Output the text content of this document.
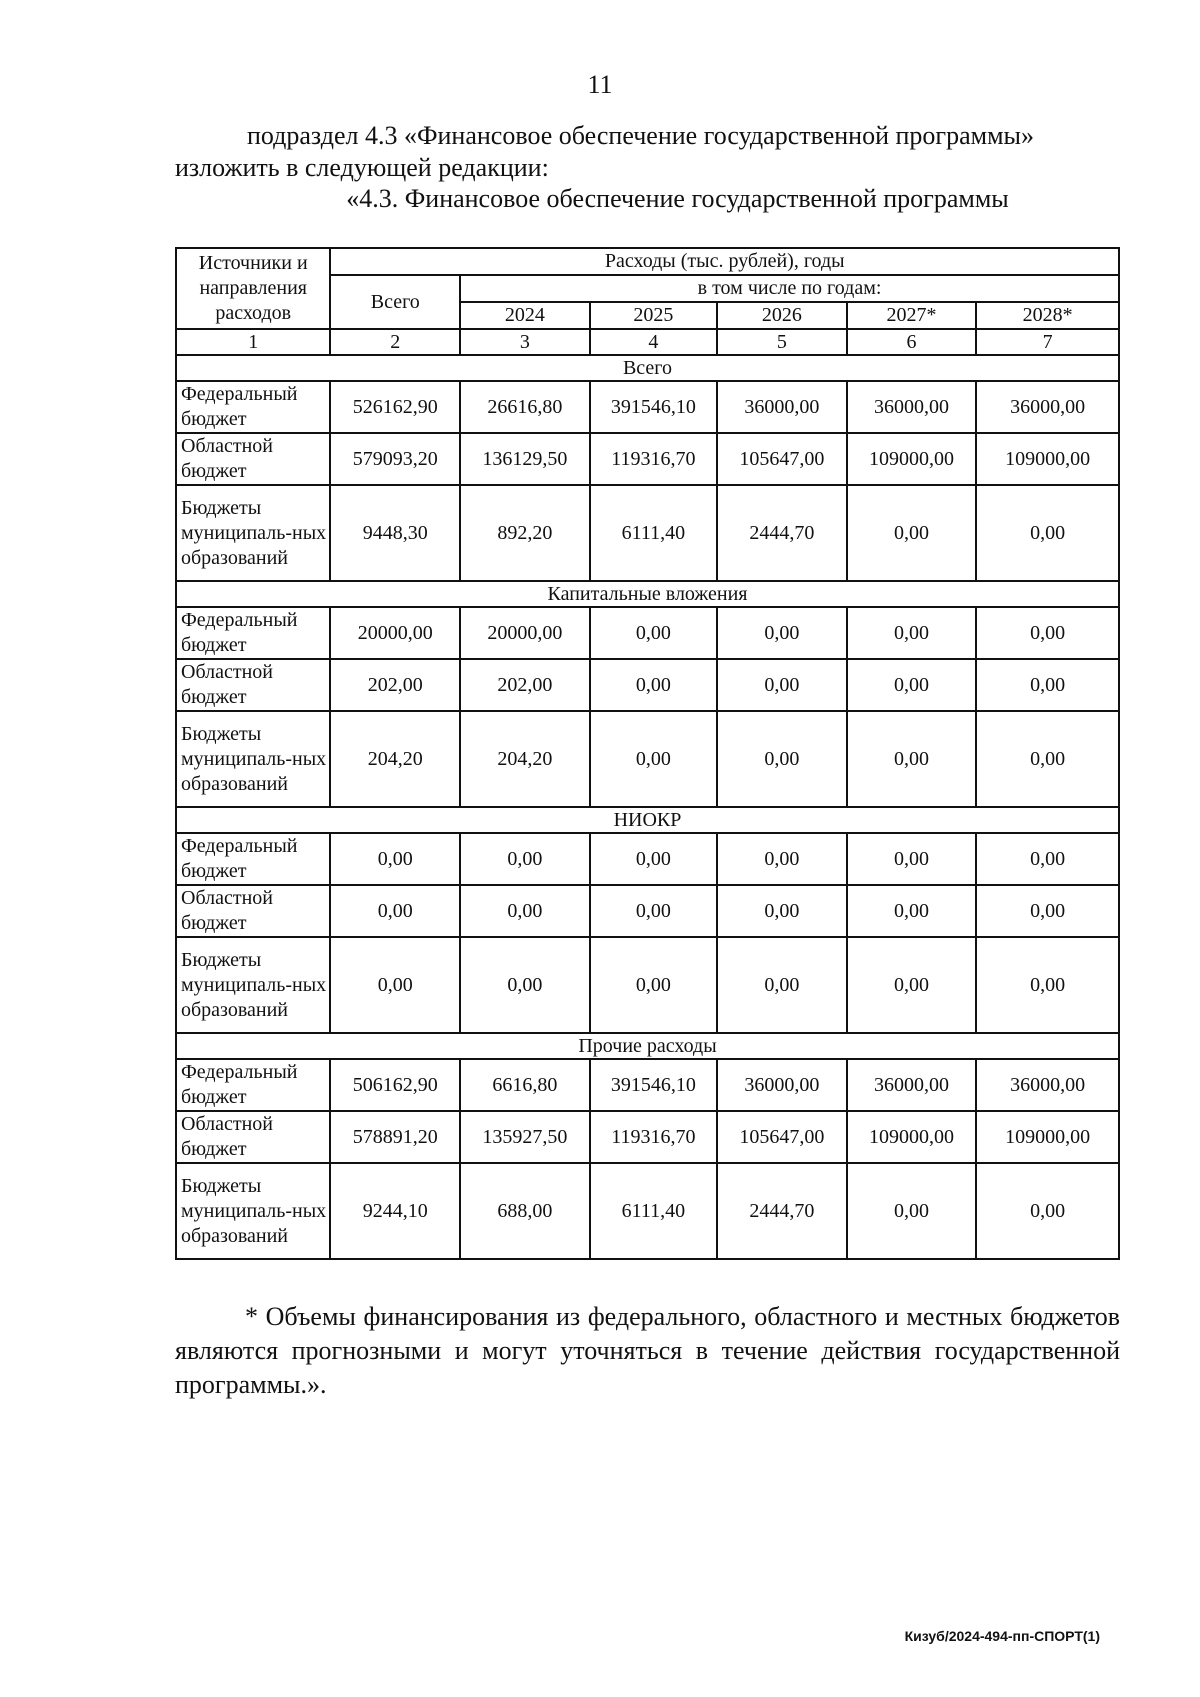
11
подраздел 4.3 «Финансовое обеспечение государственной программы»
изложить в следующей редакции:
«4.3. Финансовое обеспечение государственной программы
Источники и направления расходов	Расходы (тыс. рублей), годы					
	Всего	в том числе по годам:				
		2024	2025	2026	2027*	2028*
1	2	3	4	5	6	7
Всего						
Федеральный бюджет	526162,90	26616,80	391546,10	36000,00	36000,00	36000,00
Областной бюджет	579093,20	136129,50	119316,70	105647,00	109000,00	109000,00
Бюджеты муниципаль-ных образований	9448,30	892,20	6111,40	2444,70	0,00	0,00
Капитальные вложения						
Федеральный бюджет	20000,00	20000,00	0,00	0,00	0,00	0,00
Областной бюджет	202,00	202,00	0,00	0,00	0,00	0,00
Бюджеты муниципаль-ных образований	204,20	204,20	0,00	0,00	0,00	0,00
НИОКР						
Федеральный бюджет	0,00	0,00	0,00	0,00	0,00	0,00
Областной бюджет	0,00	0,00	0,00	0,00	0,00	0,00
Бюджеты муниципаль-ных образований	0,00	0,00	0,00	0,00	0,00	0,00
Прочие расходы						
Федеральный бюджет	506162,90	6616,80	391546,10	36000,00	36000,00	36000,00
Областной бюджет	578891,20	135927,50	119316,70	105647,00	109000,00	109000,00
Бюджеты муниципаль-ных образований	9244,10	688,00	6111,40	2444,70	0,00	0,00
* Объемы финансирования из федерального, областного и местных бюджетов являются прогнозными и могут уточняться в течение действия государственной программы.».
Кизуб/2024-494-пп-СПОРТ(1)
